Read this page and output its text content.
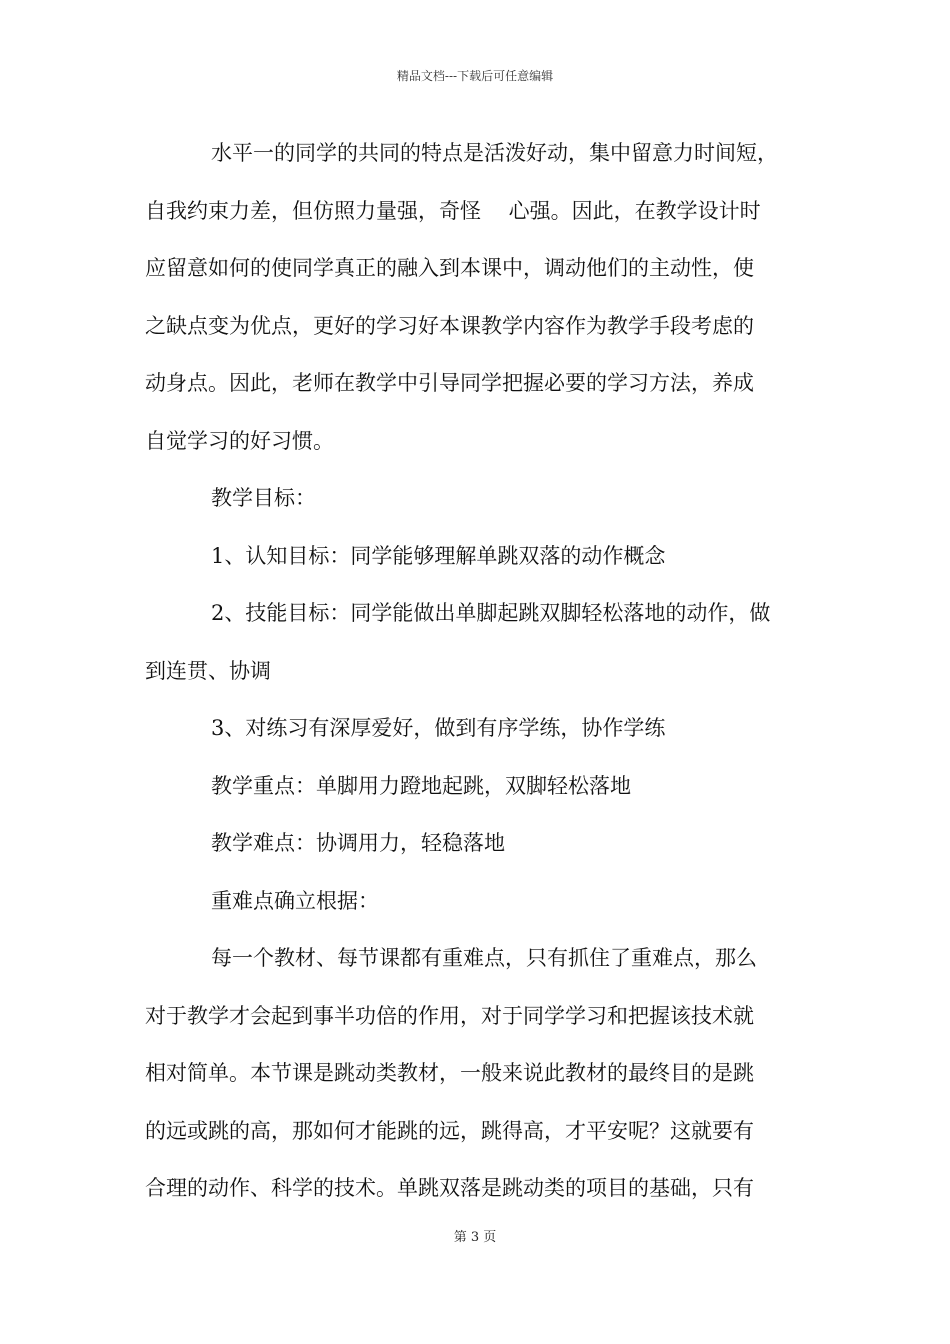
精品文档---下载后可任意编辑
水平一的同学的共同的特点是活泼好动，集中留意力时间短，
自我约束力差，但仿照力量强，奇怪　 心强。因此，在教学设计时
应留意如何的使同学真正的融入到本课中，调动他们的主动性，使
之缺点变为优点，更好的学习好本课教学内容作为教学手段考虑的
动身点。因此，老师在教学中引导同学把握必要的学习方法，养成
自觉学习的好习惯。
教学目标：
1、认知目标：同学能够理解单跳双落的动作概念
2、技能目标：同学能做出单脚起跳双脚轻松落地的动作，做
到连贯、协调
3、对练习有深厚爱好，做到有序学练，协作学练
教学重点：单脚用力蹬地起跳，双脚轻松落地
教学难点：协调用力，轻稳落地
重难点确立根据：
每一个教材、每节课都有重难点，只有抓住了重难点，那么
对于教学才会起到事半功倍的作用，对于同学学习和把握该技术就
相对简单。本节课是跳动类教材，一般来说此教材的最终目的是跳
的远或跳的高，那如何才能跳的远，跳得高，才平安呢？这就要有
合理的动作、科学的技术。单跳双落是跳动类的项目的基础，只有
第 3 页
